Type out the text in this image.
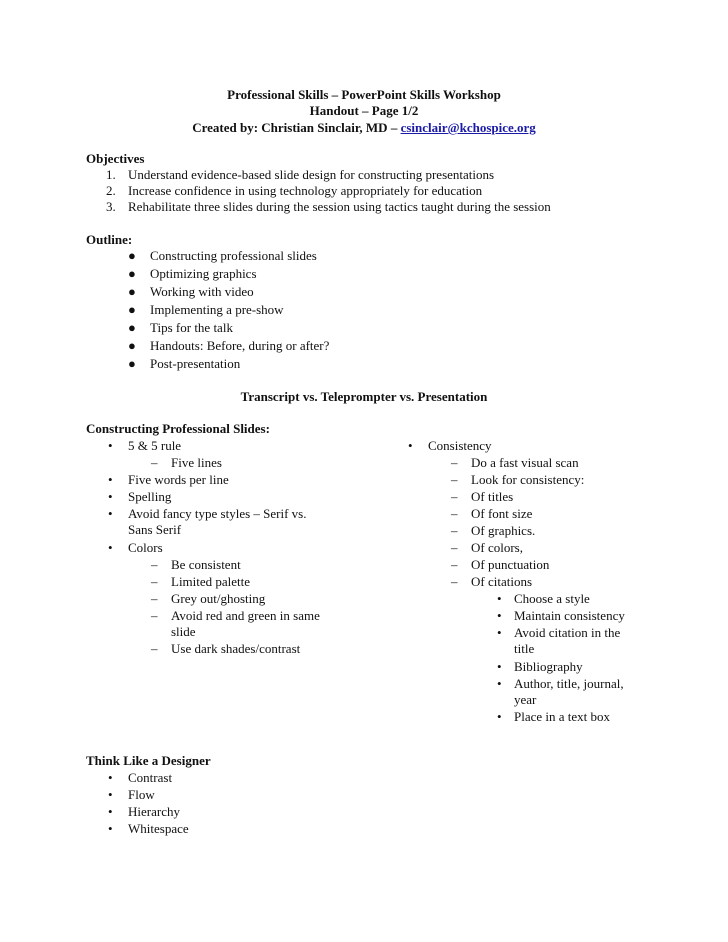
Professional Skills – PowerPoint Skills Workshop
Handout – Page 1/2
Created by: Christian Sinclair, MD – csinclair@kchospice.org
Objectives
1. Understand evidence-based slide design for constructing presentations
2. Increase confidence in using technology appropriately for education
3. Rehabilitate three slides during the session using tactics taught during the session
Outline:
● Constructing professional slides
● Optimizing graphics
● Working with video
● Implementing a pre-show
● Tips for the talk
● Handouts: Before, during or after?
● Post-presentation
Transcript vs. Teleprompter vs. Presentation
Constructing Professional Slides:
• 5 & 5 rule
– Five lines
• Five words per line
• Spelling
• Avoid fancy type styles – Serif vs.
Sans Serif
• Colors
– Be consistent
– Limited palette
– Grey out/ghosting
– Avoid red and green in same
slide
– Use dark shades/contrast
• Consistency
– Do a fast visual scan
– Look for consistency:
– Of titles
– Of font size
– Of graphics.
– Of colors,
– Of punctuation
– Of citations
• Choose a style
• Maintain consistency
• Avoid citation in the
title
• Bibliography
• Author, title, journal,
year
• Place in a text box
Think Like a Designer
• Contrast
• Flow
• Hierarchy
• Whitespace
